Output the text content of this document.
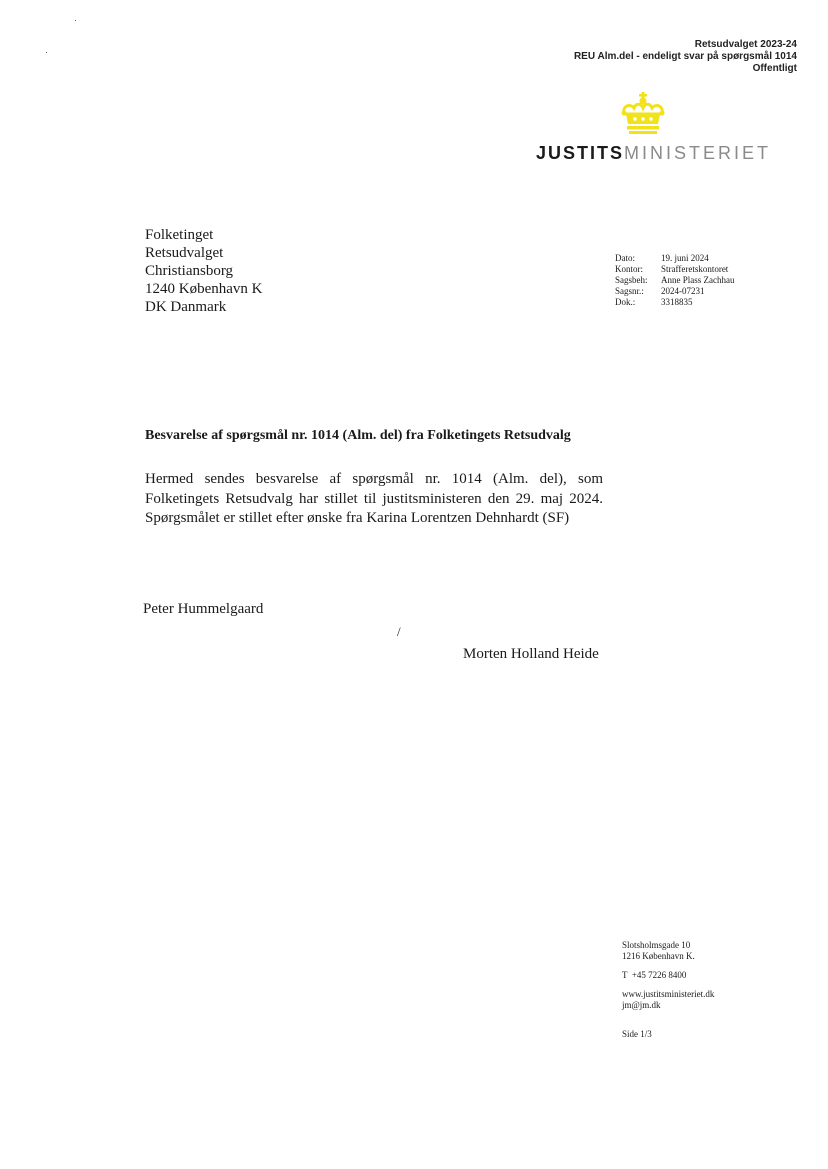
Retsudvalget 2023-24
REU Alm.del - endeligt svar på spørgsmål 1014
Offentligt
JUSTITSMINISTERIET
Folketinget
Retsudvalget
Christiansborg
1240 København K
DK Danmark
Dato:	19. juni 2024
Kontor:	Strafferetskontoret
Sagsbeh:	Anne Plass Zachhau
Sagsnr.:	2024-07231
Dok.:	3318835
Besvarelse af spørgsmål nr. 1014 (Alm. del) fra Folketingets Retsudvalg
Hermed sendes besvarelse af spørgsmål nr. 1014 (Alm. del), som
Folketingets Retsudvalg har stillet til justitsministeren den 29. maj 2024.
Spørgsmålet er stillet efter ønske fra Karina Lorentzen Dehnhardt (SF)
Peter Hummelgaard
/
Morten Holland Heide
Slotsholmsgade 10
1216 København K.
T  +45 7226 8400
www.justitsministeriet.dk
jm@jm.dk
Side 1/3
